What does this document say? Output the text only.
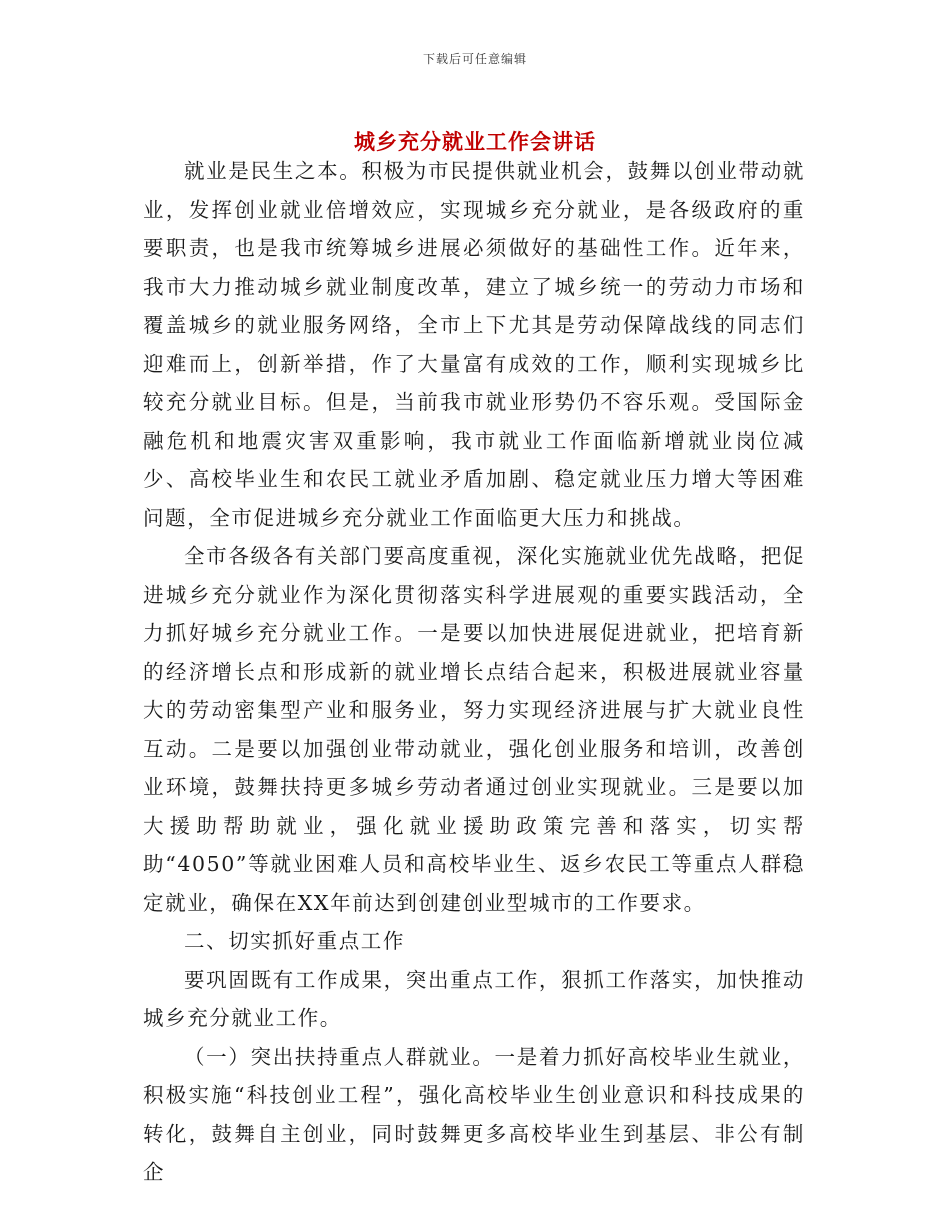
下载后可任意编辑
城乡充分就业工作会讲话

就业是民生之本。积极为市民提供就业机会，鼓舞以创业带动就业，发挥创业就业倍增效应，实现城乡充分就业，是各级政府的重要职责，也是我市统筹城乡进展必须做好的基础性工作。近年来，我市大力推动城乡就业制度改革，建立了城乡统一的劳动力市场和覆盖城乡的就业服务网络，全市上下尤其是劳动保障战线的同志们迎难而上，创新举措，作了大量富有成效的工作，顺利实现城乡比较充分就业目标。但是，当前我市就业形势仍不容乐观。受国际金融危机和地震灾害双重影响，我市就业工作面临新增就业岗位减少、高校毕业生和农民工就业矛盾加剧、稳定就业压力增大等困难问题，全市促进城乡充分就业工作面临更大压力和挑战。

全市各级各有关部门要高度重视，深化实施就业优先战略，把促进城乡充分就业作为深化贯彻落实科学进展观的重要实践活动，全力抓好城乡充分就业工作。一是要以加快进展促进就业，把培育新的经济增长点和形成新的就业增长点结合起来，积极进展就业容量大的劳动密集型产业和服务业，努力实现经济进展与扩大就业良性互动。二是要以加强创业带动就业，强化创业服务和培训，改善创业环境，鼓舞扶持更多城乡劳动者通过创业实现就业。三是要以加大援助帮助就业，强化就业援助政策完善和落实，切实帮助“4050”等就业困难人员和高校毕业生、返乡农民工等重点人群稳定就业，确保在XX年前达到创建创业型城市的工作要求。

二、切实抓好重点工作

要巩固既有工作成果，突出重点工作，狠抓工作落实，加快推动城乡充分就业工作。

（一）突出扶持重点人群就业。一是着力抓好高校毕业生就业，积极实施“科技创业工程”，强化高校毕业生创业意识和科技成果的转化，鼓舞自主创业，同时鼓舞更多高校毕业生到基层、非公有制企
